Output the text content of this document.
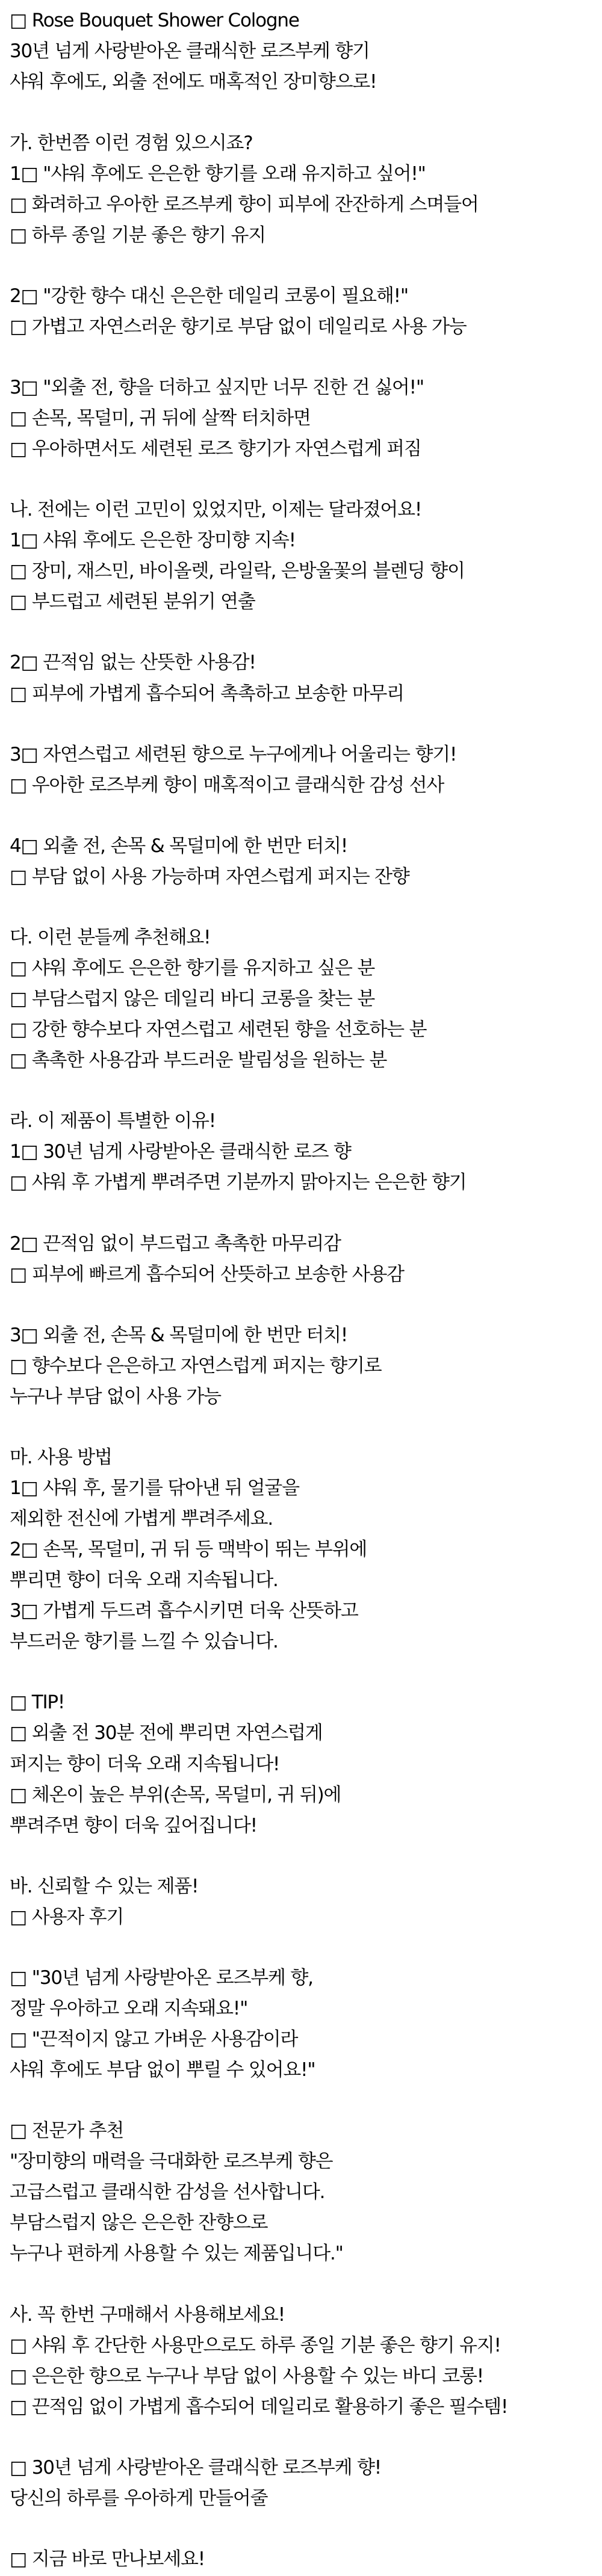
□ Rose Bouquet Shower Cologne
30년 넘게 사랑받아온 클래식한 로즈부케 향기
샤워 후에도, 외출 전에도 매혹적인 장미향으로!
가. 한번쯤 이런 경험 있으시죠?
1□ "샤워 후에도 은은한 향기를 오래 유지하고 싶어!"
□ 화려하고 우아한 로즈부케 향이 피부에 잔잔하게 스며들어
□ 하루 종일 기분 좋은 향기 유지
2□ "강한 향수 대신 은은한 데일리 코롱이 필요해!"
□ 가볍고 자연스러운 향기로 부담 없이 데일리로 사용 가능
3□ "외출 전, 향을 더하고 싶지만 너무 진한 건 싫어!"
□ 손목, 목덜미, 귀 뒤에 살짝 터치하면
□ 우아하면서도 세련된 로즈 향기가 자연스럽게 퍼짐
나. 전에는 이런 고민이 있었지만, 이제는 달라졌어요!
1□ 샤워 후에도 은은한 장미향 지속!
□ 장미, 재스민, 바이올렛, 라일락, 은방울꽃의 블렌딩 향이
□ 부드럽고 세련된 분위기 연출
2□ 끈적임 없는 산뜻한 사용감!
□ 피부에 가볍게 흡수되어 촉촉하고 보송한 마무리
3□ 자연스럽고 세련된 향으로 누구에게나 어울리는 향기!
□ 우아한 로즈부케 향이 매혹적이고 클래식한 감성 선사
4□ 외출 전, 손목 & 목덜미에 한 번만 터치!
□ 부담 없이 사용 가능하며 자연스럽게 퍼지는 잔향
다. 이런 분들께 추천해요!
□ 샤워 후에도 은은한 향기를 유지하고 싶은 분
□ 부담스럽지 않은 데일리 바디 코롱을 찾는 분
□ 강한 향수보다 자연스럽고 세련된 향을 선호하는 분
□ 촉촉한 사용감과 부드러운 발림성을 원하는 분
라. 이 제품이 특별한 이유!
1□ 30년 넘게 사랑받아온 클래식한 로즈 향
□ 샤워 후 가볍게 뿌려주면 기분까지 맑아지는 은은한 향기
2□ 끈적임 없이 부드럽고 촉촉한 마무리감
□ 피부에 빠르게 흡수되어 산뜻하고 보송한 사용감
3□ 외출 전, 손목 & 목덜미에 한 번만 터치!
□ 향수보다 은은하고 자연스럽게 퍼지는 향기로
누구나 부담 없이 사용 가능
마. 사용 방법
1□ 샤워 후, 물기를 닦아낸 뒤 얼굴을
제외한 전신에 가볍게 뿌려주세요.
2□ 손목, 목덜미, 귀 뒤 등 맥박이 뛰는 부위에
뿌리면 향이 더욱 오래 지속됩니다.
3□ 가볍게 두드려 흡수시키면 더욱 산뜻하고
부드러운 향기를 느낄 수 있습니다.
□ TIP!
□ 외출 전 30분 전에 뿌리면 자연스럽게
퍼지는 향이 더욱 오래 지속됩니다!
□ 체온이 높은 부위(손목, 목덜미, 귀 뒤)에
뿌려주면 향이 더욱 깊어집니다!
바. 신뢰할 수 있는 제품!
□ 사용자 후기
□ "30년 넘게 사랑받아온 로즈부케 향,
정말 우아하고 오래 지속돼요!"
□ "끈적이지 않고 가벼운 사용감이라
샤워 후에도 부담 없이 뿌릴 수 있어요!"
□ 전문가 추천
"장미향의 매력을 극대화한 로즈부케 향은
고급스럽고 클래식한 감성을 선사합니다.
부담스럽지 않은 은은한 잔향으로
누구나 편하게 사용할 수 있는 제품입니다."
사. 꼭 한번 구매해서 사용해보세요!
□ 샤워 후 간단한 사용만으로도 하루 종일 기분 좋은 향기 유지!
□ 은은한 향으로 누구나 부담 없이 사용할 수 있는 바디 코롱!
□ 끈적임 없이 가볍게 흡수되어 데일리로 활용하기 좋은 필수템!
□ 30년 넘게 사랑받아온 클래식한 로즈부케 향!
당신의 하루를 우아하게 만들어줄
□ 지금 바로 만나보세요!
